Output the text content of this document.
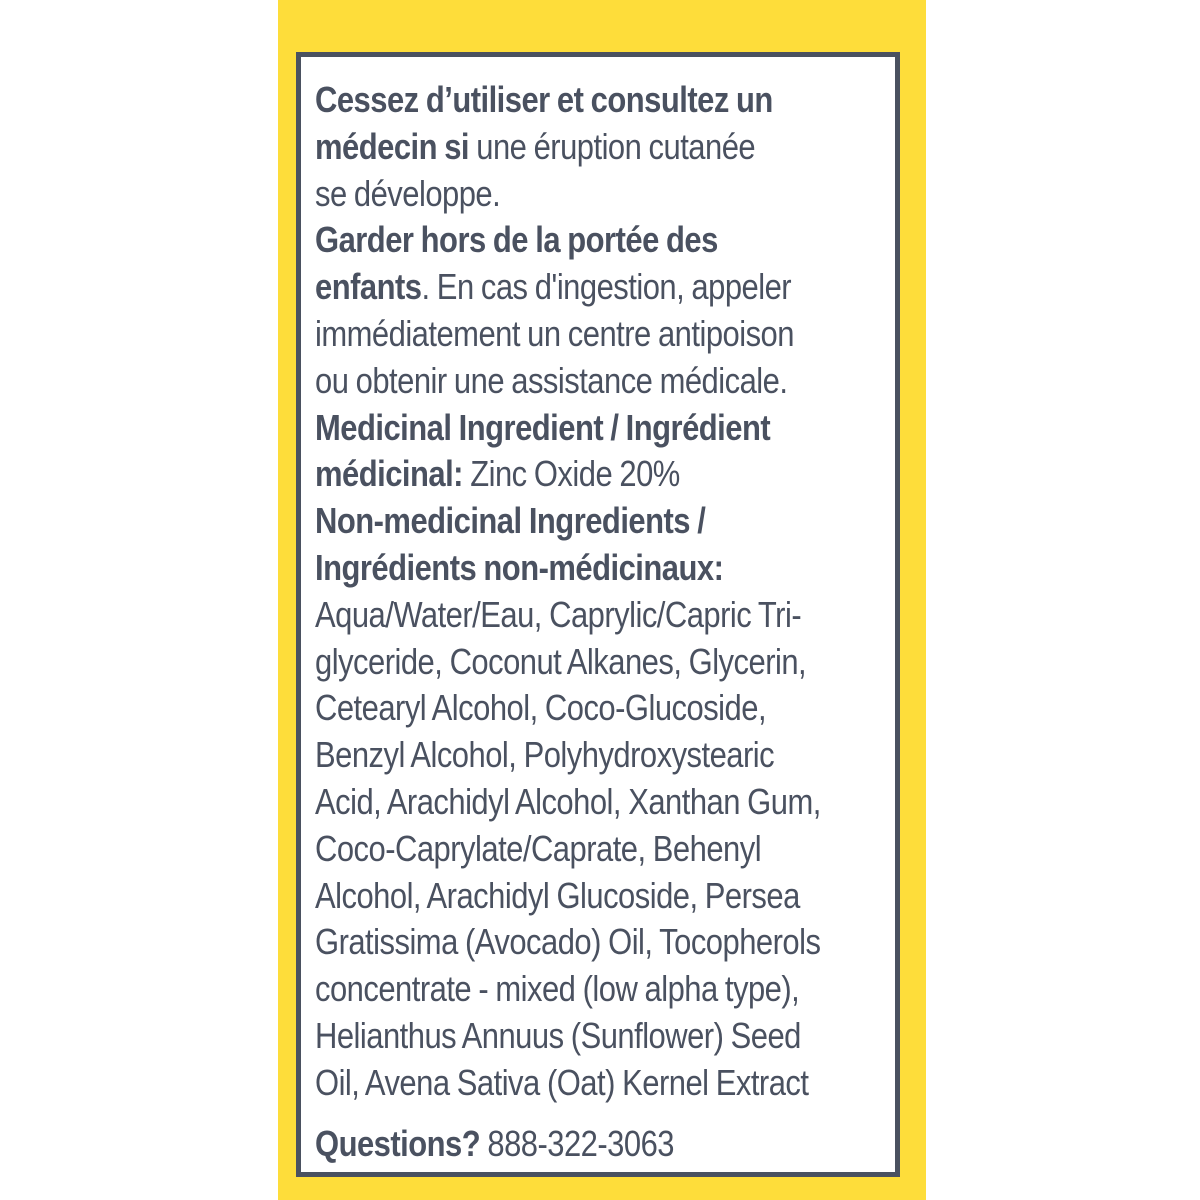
Cessez d’utiliser et consultez un
médecin si une éruption cutanée
se développe.
Garder hors de la portée des
enfants. En cas d'ingestion, appeler
immédiatement un centre antipoison
ou obtenir une assistance médicale.
Medicinal Ingredient / Ingrédient
médicinal: Zinc Oxide 20%
Non-medicinal Ingredients /
Ingrédients non-médicinaux:
Aqua/Water/Eau, Caprylic/Capric Tri-
glyceride, Coconut Alkanes, Glycerin,
Cetearyl Alcohol, Coco-Glucoside,
Benzyl Alcohol, Polyhydroxystearic
Acid, Arachidyl Alcohol, Xanthan Gum,
Coco-Caprylate/Caprate, Behenyl
Alcohol, Arachidyl Glucoside, Persea
Gratissima (Avocado) Oil, Tocopherols
concentrate - mixed (low alpha type),
Helianthus Annuus (Sunflower) Seed
Oil, Avena Sativa (Oat) Kernel Extract
Questions? 888-322-3063
